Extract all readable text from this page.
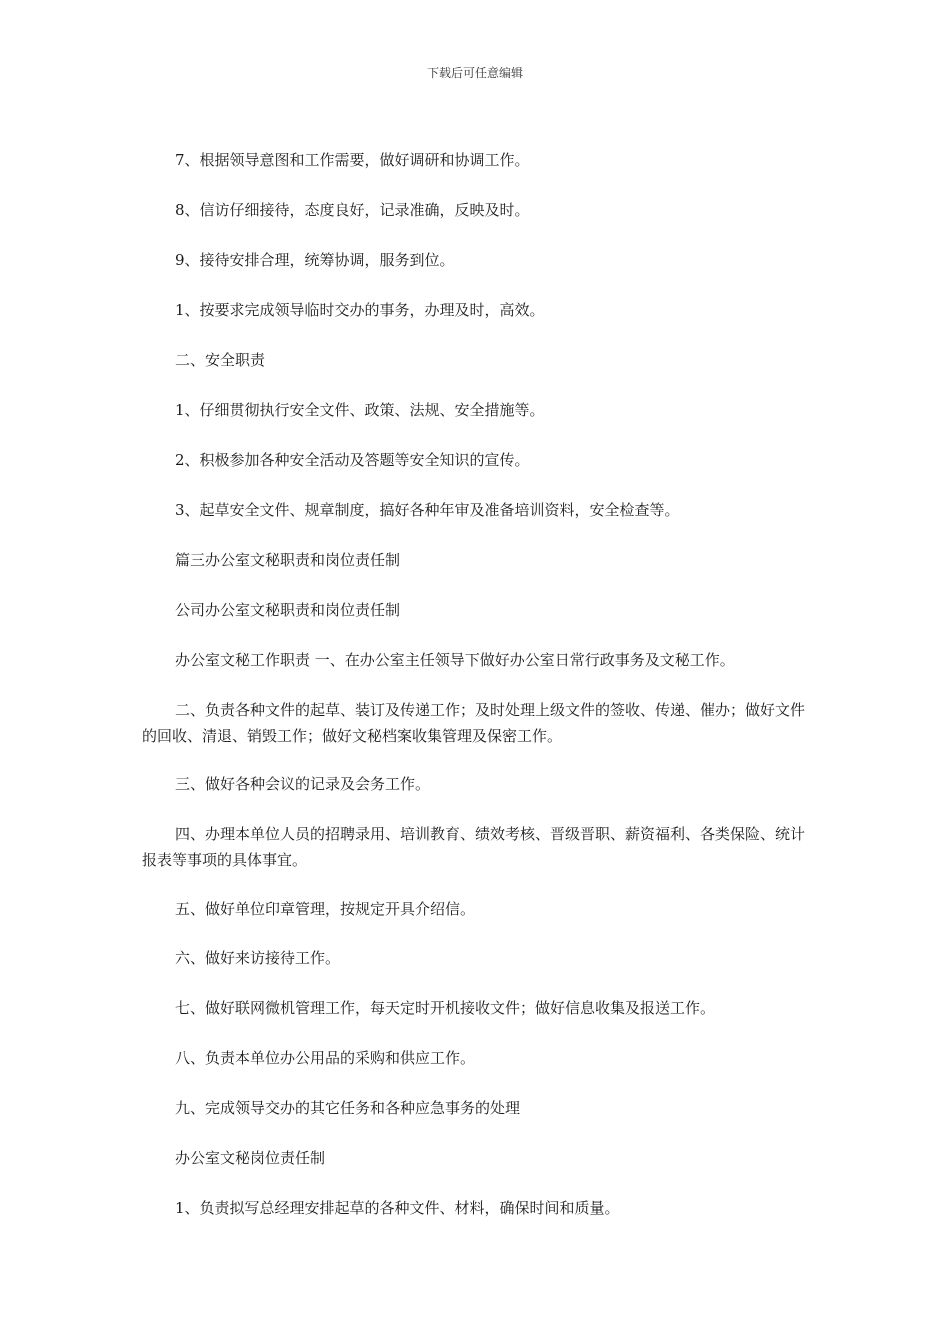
下载后可任意编辑

7、根据领导意图和工作需要，做好调研和协调工作。

8、信访仔细接待，态度良好，记录准确，反映及时。

9、接待安排合理，统筹协调，服务到位。

1、按要求完成领导临时交办的事务，办理及时，高效。

二、安全职责

1、仔细贯彻执行安全文件、政策、法规、安全措施等。

2、积极参加各种安全活动及答题等安全知识的宣传。

3、起草安全文件、规章制度，搞好各种年审及准备培训资料，安全检查等。

篇三办公室文秘职责和岗位责任制

公司办公室文秘职责和岗位责任制

办公室文秘工作职责 一、在办公室主任领导下做好办公室日常行政事务及文秘工作。

二、负责各种文件的起草、装订及传递工作；及时处理上级文件的签收、传递、催办；做好文件的回收、清退、销毁工作；做好文秘档案收集管理及保密工作。

三、做好各种会议的记录及会务工作。

四、办理本单位人员的招聘录用、培训教育、绩效考核、晋级晋职、薪资福利、各类保险、统计报表等事项的具体事宜。

五、做好单位印章管理，按规定开具介绍信。

六、做好来访接待工作。

七、做好联网微机管理工作，每天定时开机接收文件；做好信息收集及报送工作。

八、负责本单位办公用品的采购和供应工作。

九、完成领导交办的其它任务和各种应急事务的处理

办公室文秘岗位责任制

1、负责拟写总经理安排起草的各种文件、材料，确保时间和质量。
